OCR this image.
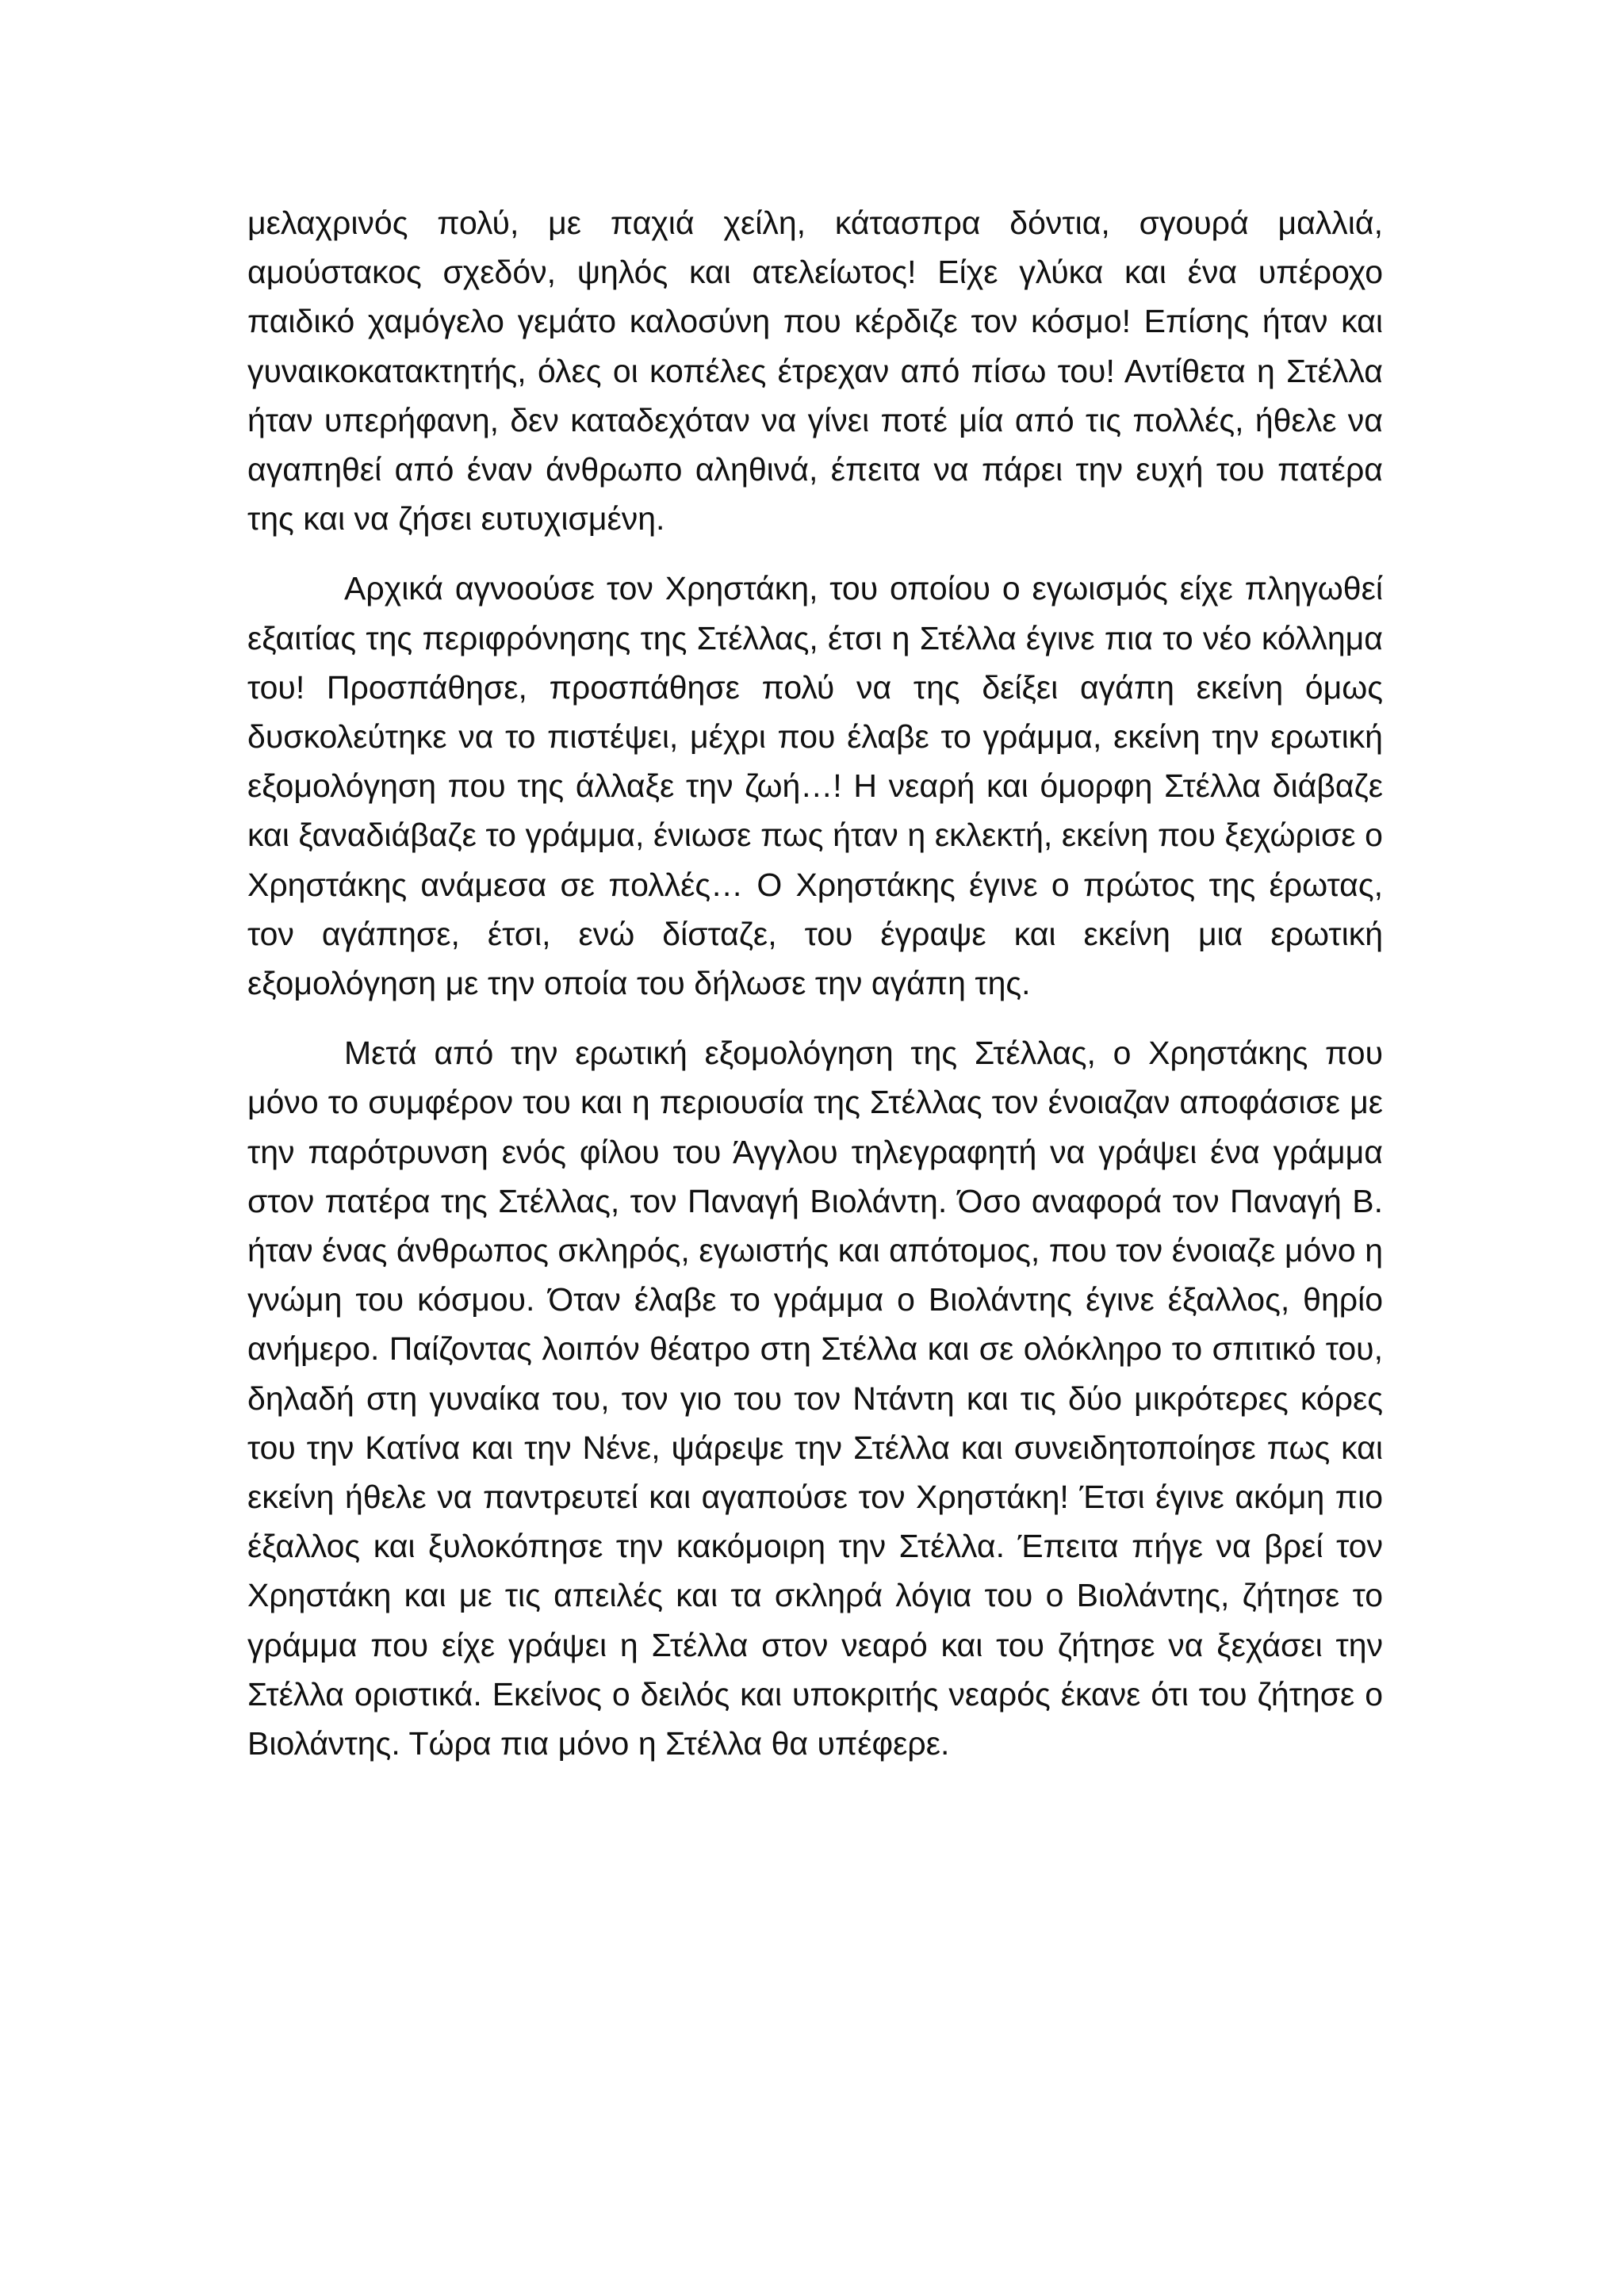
μελαχρινός πολύ, με παχιά χείλη, κάτασπρα δόντια, σγουρά μαλλιά, αμούστακος σχεδόν, ψηλός και ατελείωτος! Είχε γλύκα και ένα υπέροχο παιδικό χαμόγελο γεμάτο καλοσύνη που κέρδιζε τον κόσμο! Επίσης ήταν και γυναικοκατακτητής, όλες οι κοπέλες έτρεχαν από πίσω του! Αντίθετα η Στέλλα ήταν υπερήφανη, δεν καταδεχόταν να γίνει ποτέ μία από τις πολλές, ήθελε να αγαπηθεί από έναν άνθρωπο αληθινά, έπειτα να πάρει την ευχή του πατέρα της και να ζήσει ευτυχισμένη.

Αρχικά αγνοούσε τον Χρηστάκη, του οποίου ο εγωισμός είχε πληγωθεί εξαιτίας της περιφρόνησης της Στέλλας, έτσι η Στέλλα έγινε πια το νέο κόλλημα του! Προσπάθησε, προσπάθησε πολύ να της δείξει αγάπη εκείνη όμως δυσκολεύτηκε να το πιστέψει, μέχρι που έλαβε το γράμμα, εκείνη την ερωτική εξομολόγηση που της άλλαξε την ζωή…! Η νεαρή και όμορφη Στέλλα διάβαζε και ξαναδιάβαζε το γράμμα, ένιωσε πως ήταν η εκλεκτή, εκείνη που ξεχώρισε ο Χρηστάκης ανάμεσα σε πολλές… Ο Χρηστάκης έγινε ο πρώτος της έρωτας, τον αγάπησε, έτσι, ενώ δίσταζε, του έγραψε και εκείνη μια ερωτική εξομολόγηση με την οποία του δήλωσε την αγάπη της.

Μετά από την ερωτική εξομολόγηση της Στέλλας, ο Χρηστάκης που μόνο το συμφέρον του και η περιουσία της Στέλλας τον ένοιαζαν αποφάσισε με την παρότρυνση ενός φίλου του Άγγλου τηλεγραφητή να γράψει ένα γράμμα στον πατέρα της Στέλλας, τον Παναγή Βιολάντη. Όσο αναφορά τον Παναγή Β. ήταν ένας άνθρωπος σκληρός, εγωιστής και απότομος, που τον ένοιαζε μόνο η γνώμη του κόσμου. Όταν έλαβε το γράμμα ο Βιολάντης έγινε έξαλλος, θηρίο ανήμερο. Παίζοντας λοιπόν θέατρο στη Στέλλα και σε ολόκληρο το σπιτικό του, δηλαδή στη γυναίκα του, τον γιο του τον Ντάντη και τις δύο μικρότερες κόρες του την Κατίνα και την Νένε, ψάρεψε την Στέλλα και συνειδητοποίησε πως και εκείνη ήθελε να παντρευτεί και αγαπούσε τον Χρηστάκη! Έτσι έγινε ακόμη πιο έξαλλος και ξυλοκόπησε την κακόμοιρη την Στέλλα. Έπειτα πήγε να βρεί τον Χρηστάκη και με τις απειλές και τα σκληρά λόγια του ο Βιολάντης, ζήτησε το γράμμα που είχε γράψει η Στέλλα στον νεαρό και του ζήτησε να ξεχάσει την Στέλλα οριστικά. Εκείνος ο δειλός και υποκριτής νεαρός έκανε ότι του ζήτησε ο Βιολάντης. Τώρα πια μόνο η Στέλλα θα υπέφερε.
